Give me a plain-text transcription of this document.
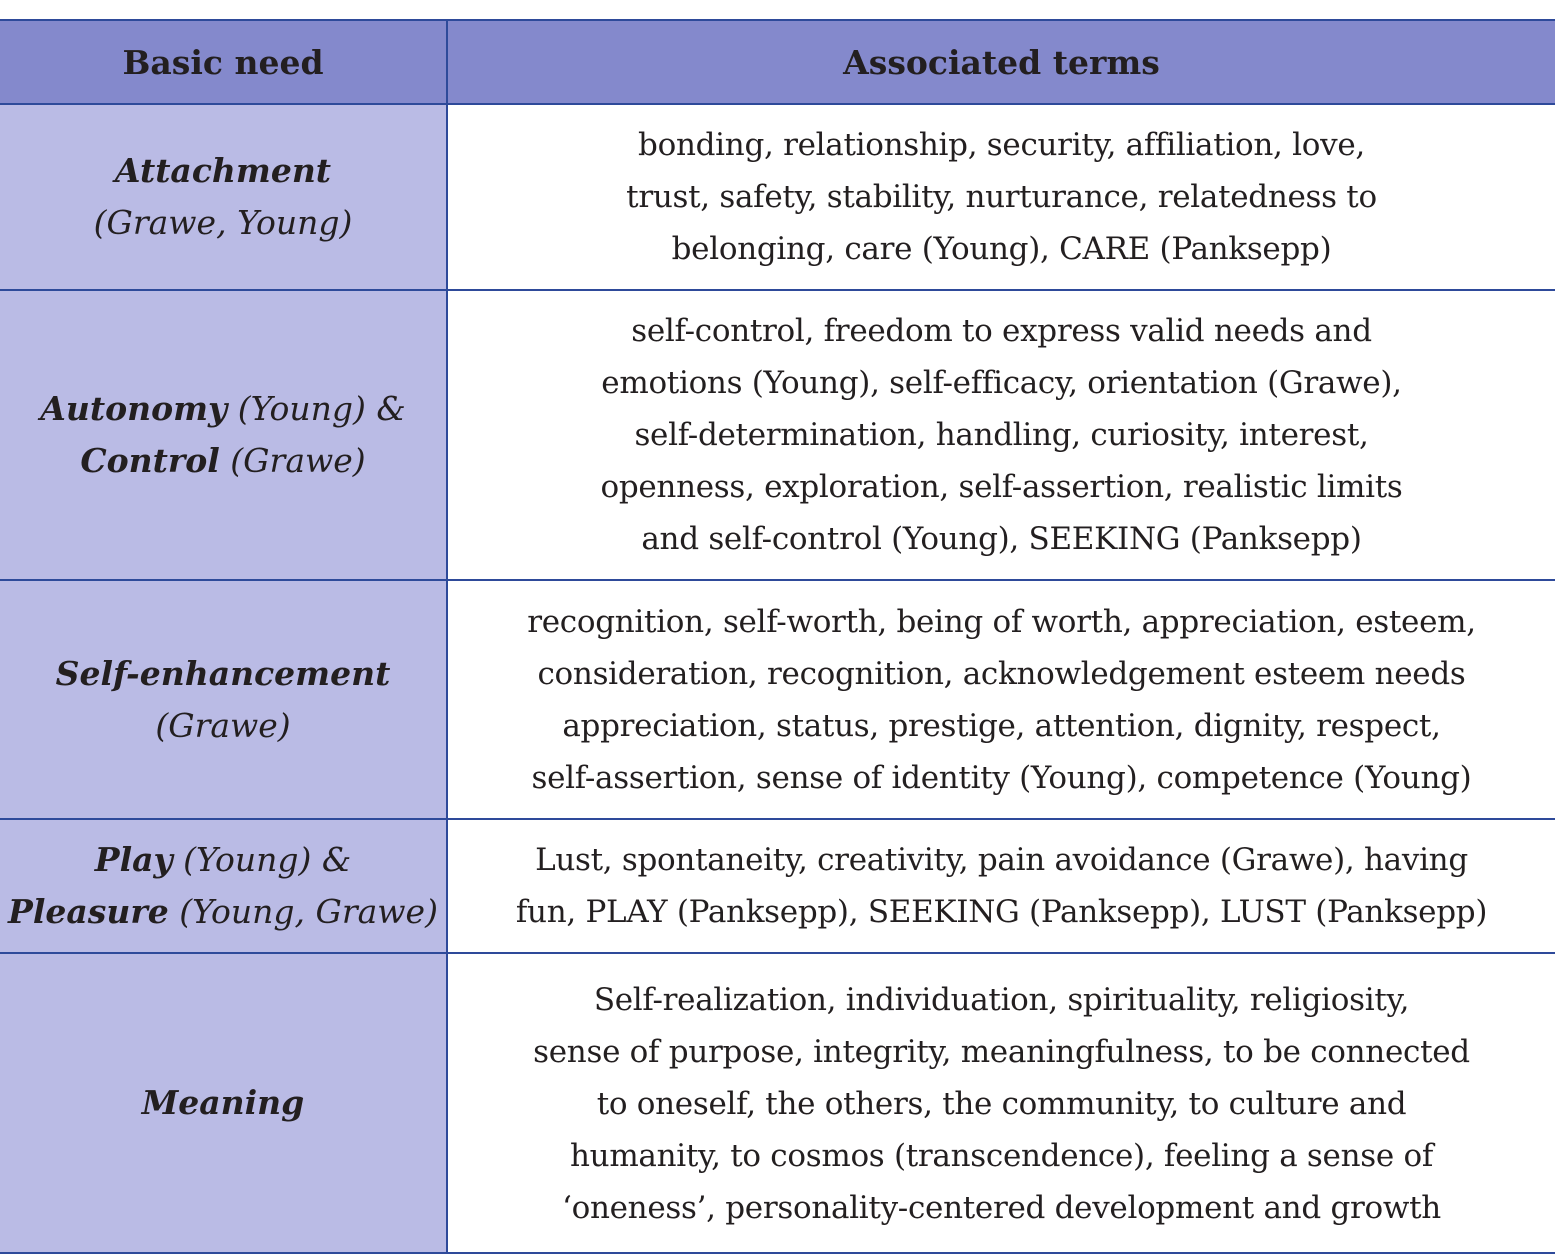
Basic need	Associated terms

Attachment
(Grawe, Young)	bonding, relationship, security, affiliation, love,
trust, safety, stability, nurturance, relatedness to
belonging, care (Young), CARE (Panksepp)

Autonomy (Young) &
Control (Grawe)	self-control, freedom to express valid needs and
emotions (Young), self-efficacy, orientation (Grawe),
self-determination, handling, curiosity, interest,
openness, exploration, self-assertion, realistic limits
and self-control (Young), SEEKING (Panksepp)

Self-enhancement
(Grawe)	recognition, self-worth, being of worth, appreciation, esteem,
consideration, recognition, acknowledgement esteem needs
appreciation, status, prestige, attention, dignity, respect,
self-assertion, sense of identity (Young), competence (Young)

Play (Young) &
Pleasure (Young, Grawe)	Lust, spontaneity, creativity, pain avoidance (Grawe), having
fun, PLAY (Panksepp), SEEKING (Panksepp), LUST (Panksepp)

Meaning	Self-realization, individuation, spirituality, religiosity,
sense of purpose, integrity, meaningfulness, to be connected
to oneself, the others, the community, to culture and
humanity, to cosmos (transcendence), feeling a sense of
‘oneness’, personality-centered development and growth
